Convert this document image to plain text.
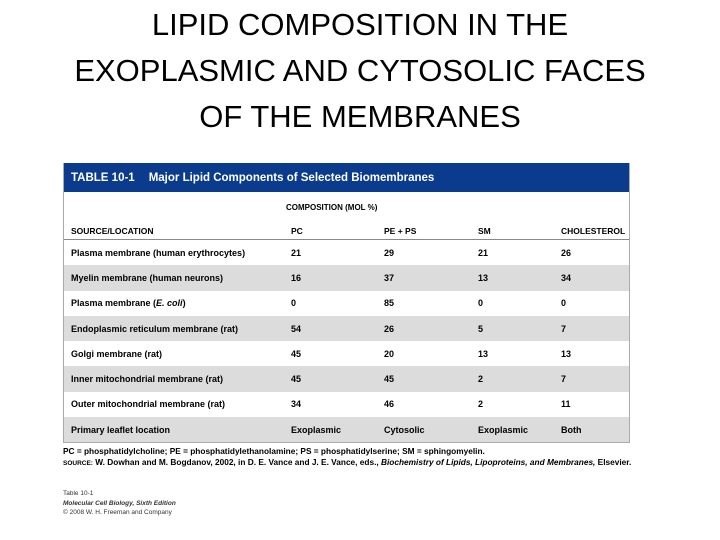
LIPID COMPOSITION IN THE
EXOPLASMIC AND CYTOSOLIC FACES
OF THE MEMBRANES
TABLE 10-1 Major Lipid Components of Selected Biomembranes
COMPOSITION (MOL %)
SOURCE/LOCATION	PC	PE + PS	SM	CHOLESTEROL
Plasma membrane (human erythrocytes)	21	29	21	26
Myelin membrane (human neurons)	16	37	13	34
Plasma membrane (E. coli)	0	85	0	0
Endoplasmic reticulum membrane (rat)	54	26	5	7
Golgi membrane (rat)	45	20	13	13
Inner mitochondrial membrane (rat)	45	45	2	7
Outer mitochondrial membrane (rat)	34	46	2	11
Primary leaflet location	Exoplasmic	Cytosolic	Exoplasmic	Both
PC = phosphatidylcholine; PE = phosphatidylethanolamine; PS = phosphatidylserine; SM = sphingomyelin.
SOURCE: W. Dowhan and M. Bogdanov, 2002, in D. E. Vance and J. E. Vance, eds., Biochemistry of Lipids, Lipoproteins, and Membranes, Elsevier.
Table 10-1
Molecular Cell Biology, Sixth Edition
© 2008 W. H. Freeman and Company
